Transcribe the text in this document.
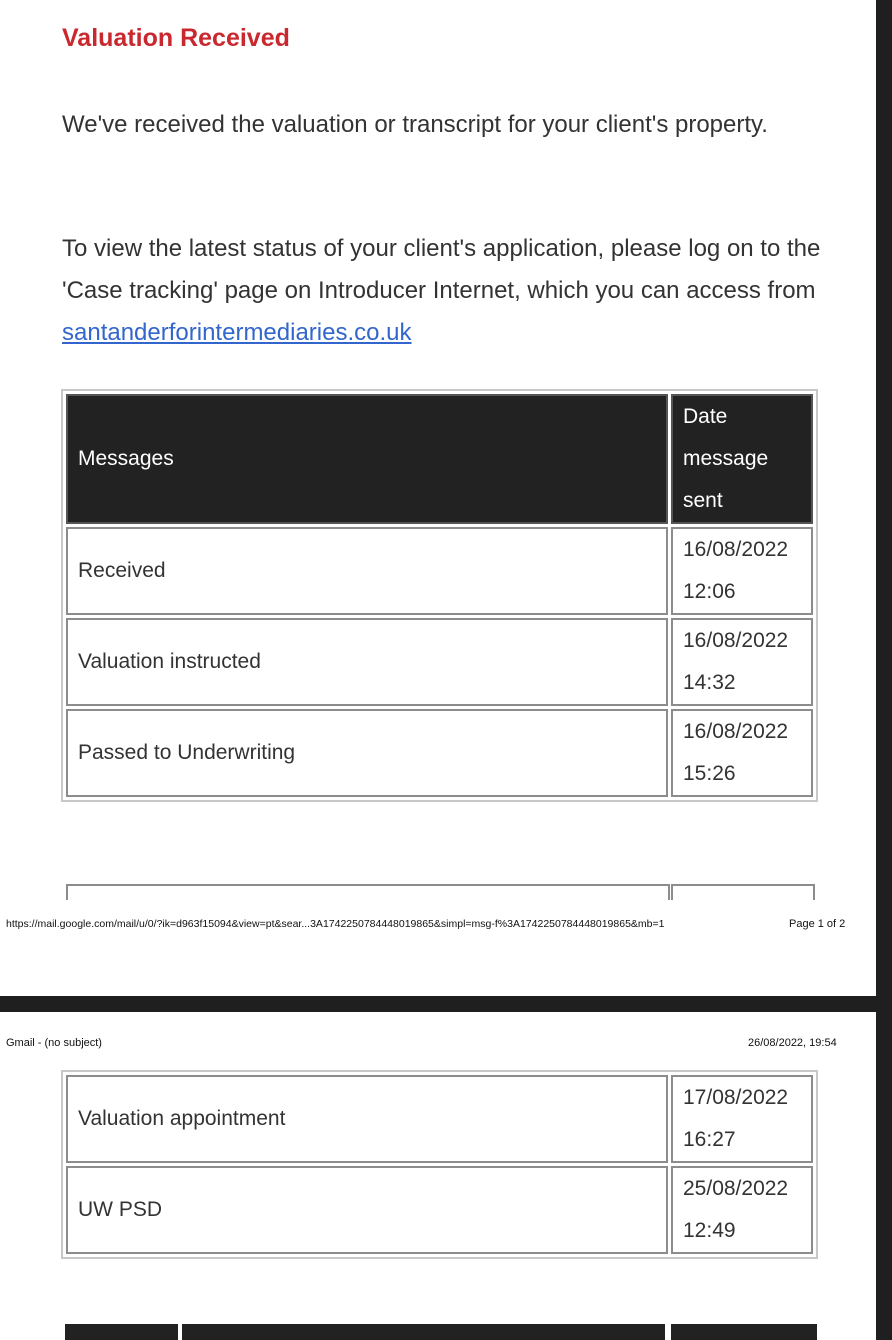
Valuation Received

We've received the valuation or transcript for your client's property.

To view the latest status of your client's application, please log on to the 'Case tracking' page on Introducer Internet, which you can access from santanderforintermediaries.co.uk

Messages	Date message sent
Received	16/08/2022
12:06
Valuation instructed	16/08/2022
14:32
Passed to Underwriting	16/08/2022
15:26
https://mail.google.com/mail/u/0/?ik=d963f15094&view=pt&sear...3A1742250784448019865&simpl=msg-f%3A1742250784448019865&mb=1	Page 1 of 2
Gmail - (no subject)	26/08/2022, 19:54
Valuation appointment	17/08/2022
16:27
UW PSD	25/08/2022
12:49
